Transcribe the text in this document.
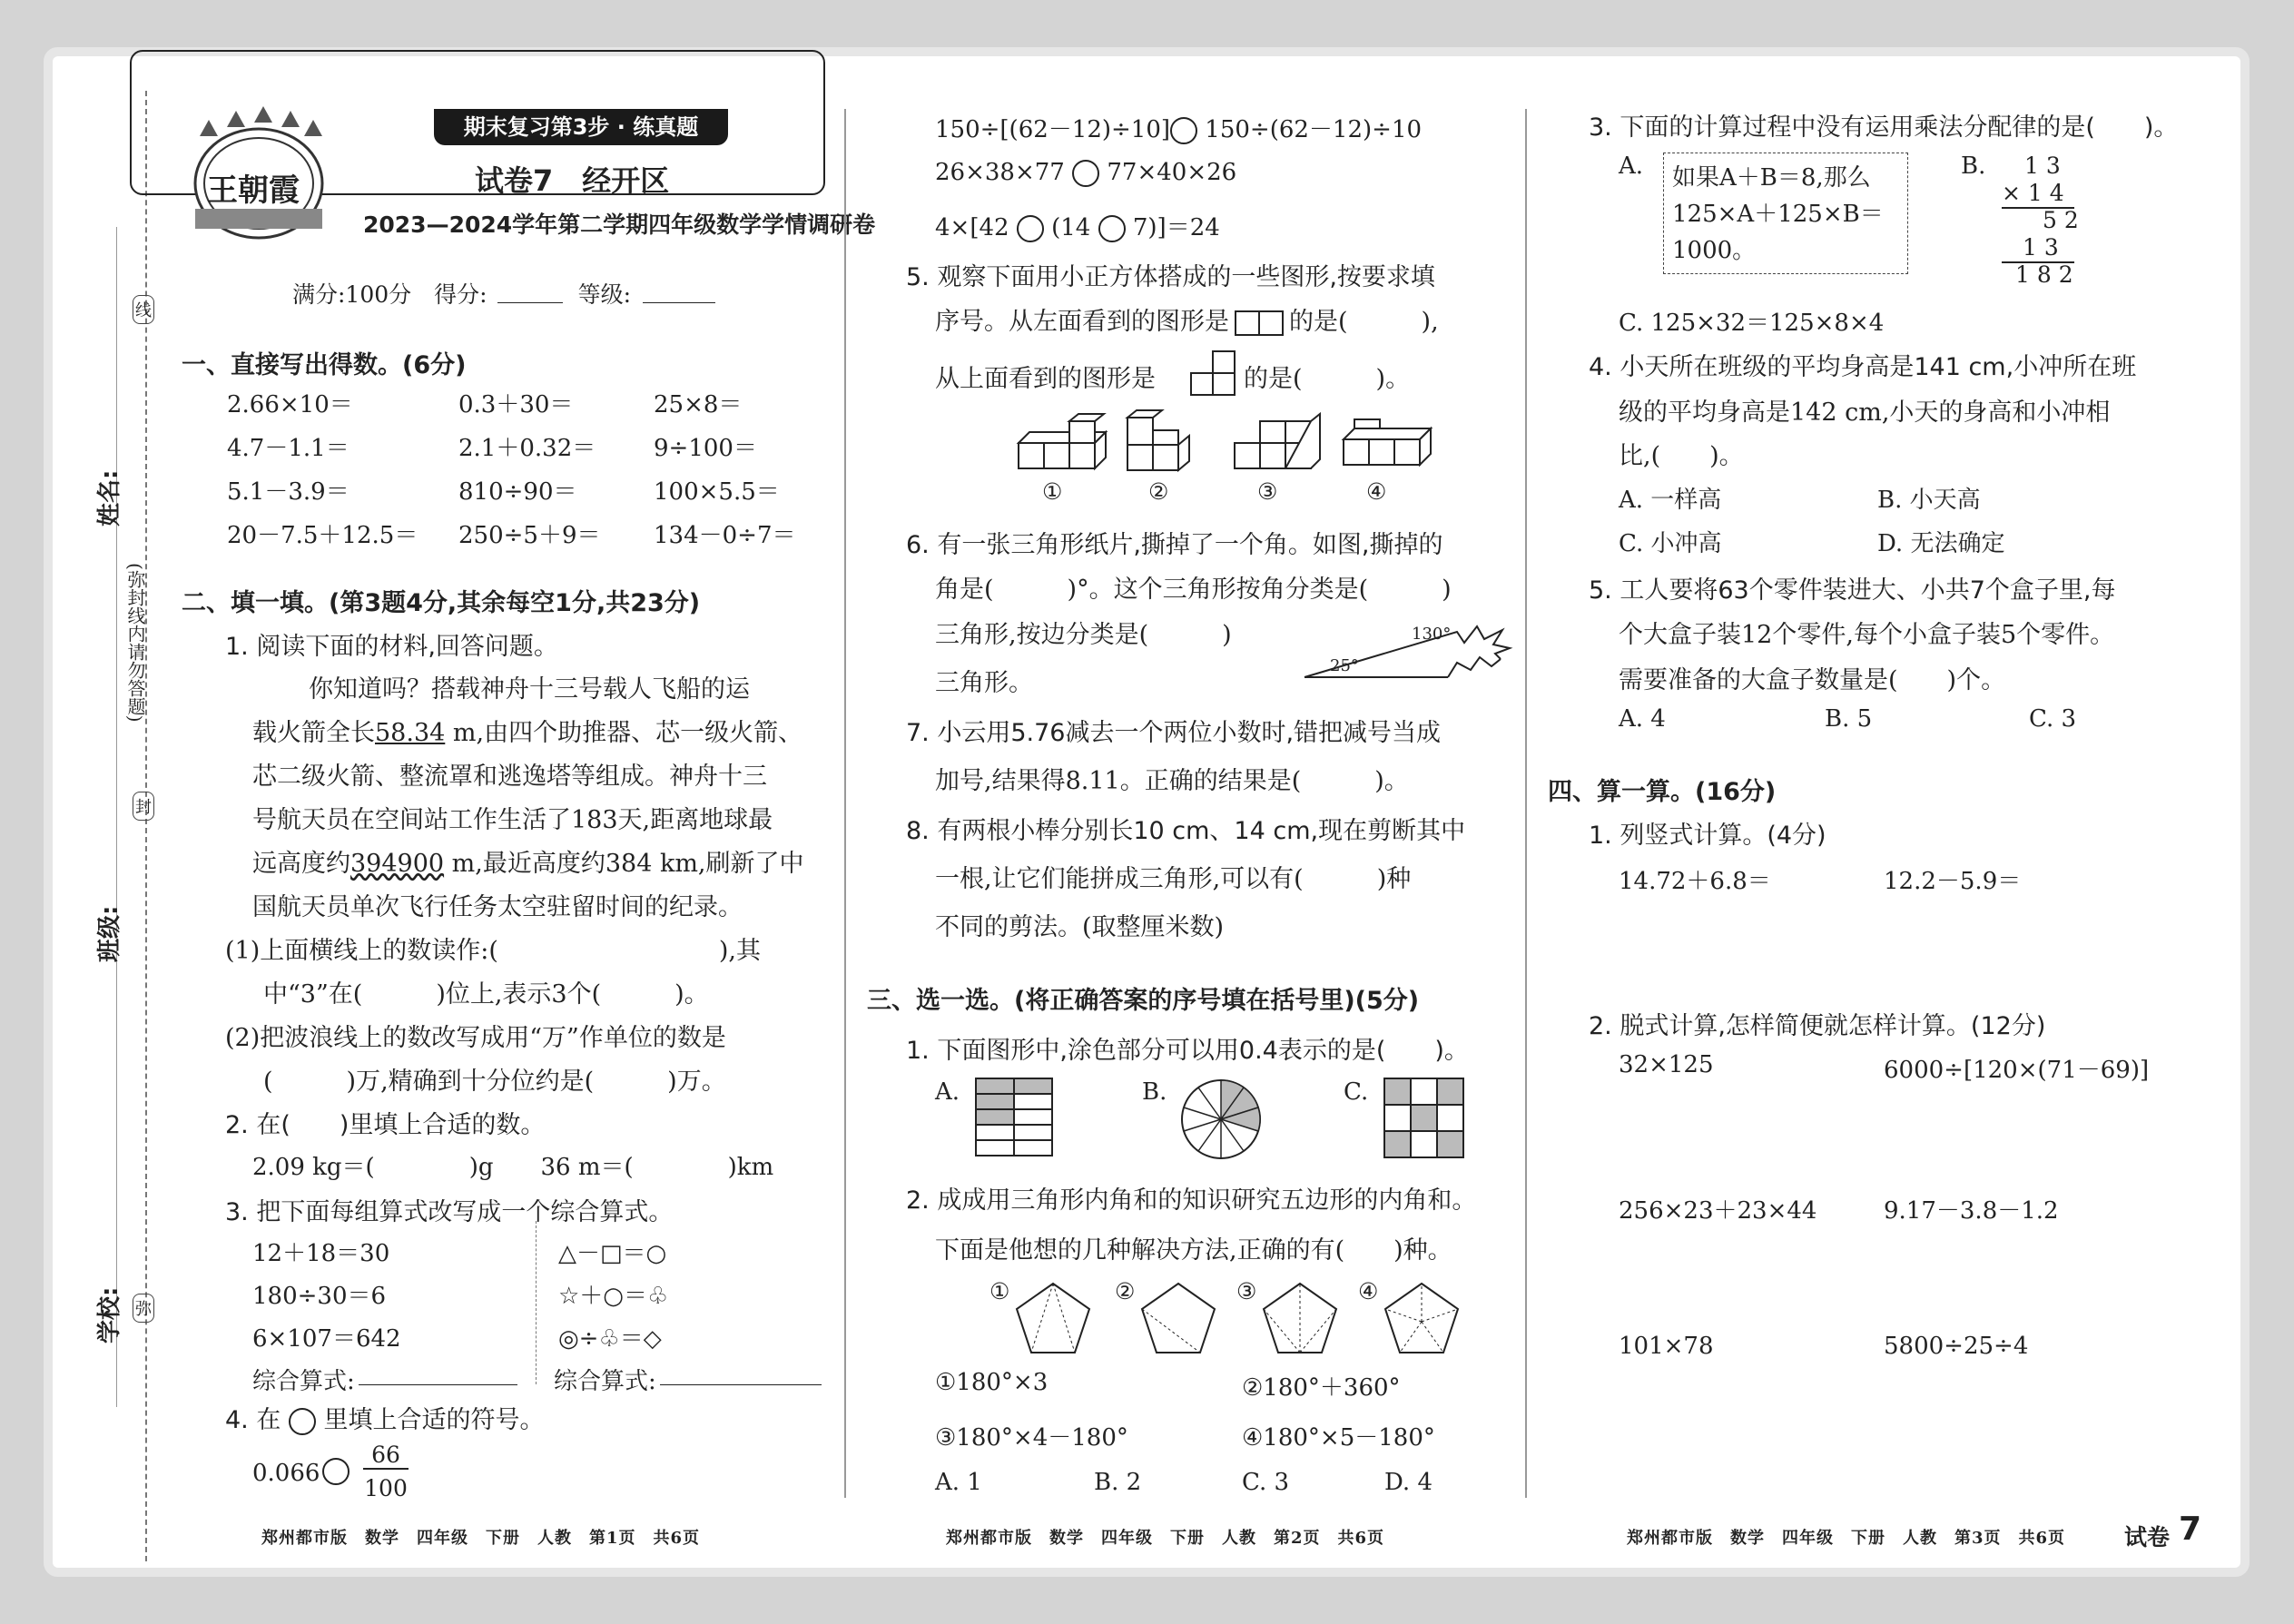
学校:
班级:
姓名:
线
封
弥
(弥封线内请勿答题)
王朝霞
期末复习第3步 · 练真题
试卷7　经开区
2023—2024学年第二学期四年级数学学情调研卷
满分:100分　得分:　　　　等级:
一、直接写出得数。(6分)
2.66×10＝	0.3＋30＝	25×8＝
4.7－1.1＝	2.1＋0.32＝ 9÷100＝
5.1－3.9＝	810÷90＝	100×5.5＝
20－7.5＋12.5＝ 250÷5＋9＝ 134－0÷7＝
二、填一填。(第3题4分,其余每空1分,共23分)
1. 阅读下面的材料,回答问题。
你知道吗？搭载神舟十三号载人飞船的运
载火箭全长58.34 m,由四个助推器、芯一级火箭、
芯二级火箭、整流罩和逃逸塔等组成。神舟十三
号航天员在空间站工作生活了183天,距离地球最
远高度约394900 m,最近高度约384 km,刷新了中
国航天员单次飞行任务太空驻留时间的纪录。
(1)上面横线上的数读作:(　　　　　　　　　),其
中“3”在(　　　)位上,表示3个(　　　)。
(2)把波浪线上的数改写成用“万”作单位的数是
(　　　)万,精确到十分位约是(　　　)万。
2. 在(　　)里填上合适的数。
2.09 kg＝(　　　　)g　　36 m＝(　　　　)km
3. 把下面每组算式改写成一个综合算式。
12＋18＝30
180÷30＝6
6×107＝642
综合算式:
△－□＝○
☆＋○＝♧
◎÷♧＝◇
综合算式:
4. 在 里填上合适的符号。
0.066
66
100
150÷[(62－12)÷10] 150÷(62－12)÷10
26×38×77 77×40×26
4×[42 (14 7)]＝24
5. 观察下面用小正方体搭成的一些图形,按要求填
序号。从左面看到的图形是 的是(　　　),
从上面看到的图形是	的是(　　　)。
①	②	③	④
6. 有一张三角形纸片,撕掉了一个角。如图,撕掉的
角是(　　　)°。这个三角形按角分类是(　　　)
三角形,按边分类是(　　　)
三角形。
130°
25°
7. 小云用5.76减去一个两位小数时,错把减号当成
加号,结果得8.11。正确的结果是(　　　)。
8. 有两根小棒分别长10 cm、14 cm,现在剪断其中
一根,让它们能拼成三角形,可以有(　　　)种
不同的剪法。(取整厘米数)
三、选一选。(将正确答案的序号填在括号里)(5分)
1. 下面图形中,涂色部分可以用0.4表示的是(　　)。
A.	B.	C.
2. 成成用三角形内角和的知识研究五边形的内角和。
下面是他想的几种解决方法,正确的有(　　)种。
①	②	③	④
①180°×3	②180°＋360°
③180°×4－180°	④180°×5－180°
A. 1	B. 2	C. 3	D. 4
3. 下面的计算过程中没有运用乘法分配律的是(　　)。
A. 如果A＋B＝8,那么
125×A＋125×B＝
1000。
B. 1 3
× 1 4
5 2
1 3
1 8 2
C. 125×32＝125×8×4
4. 小天所在班级的平均身高是141 cm,小冲所在班
级的平均身高是142 cm,小天的身高和小冲相
比,(　　)。
A. 一样高	B. 小天高
C. 小冲高	D. 无法确定
5. 工人要将63个零件装进大、小共7个盒子里,每
个大盒子装12个零件,每个小盒子装5个零件。
需要准备的大盒子数量是(　　)个。
A. 4	B. 5	C. 3
四、算一算。(16分)
1. 列竖式计算。(4分)
14.72＋6.8＝	12.2－5.9＝
2. 脱式计算,怎样简便就怎样计算。(12分)
32×125	6000÷[120×(71－69)]
256×23＋23×44	9.17－3.8－1.2
101×78	5800÷25÷4
郑州都市版　数学　四年级　下册　人教　第1页　共6页	郑州都市版　数学　四年级　下册　人教　第2页　共6页	郑州都市版　数学　四年级　下册　人教　第3页　共6页	试卷 7
